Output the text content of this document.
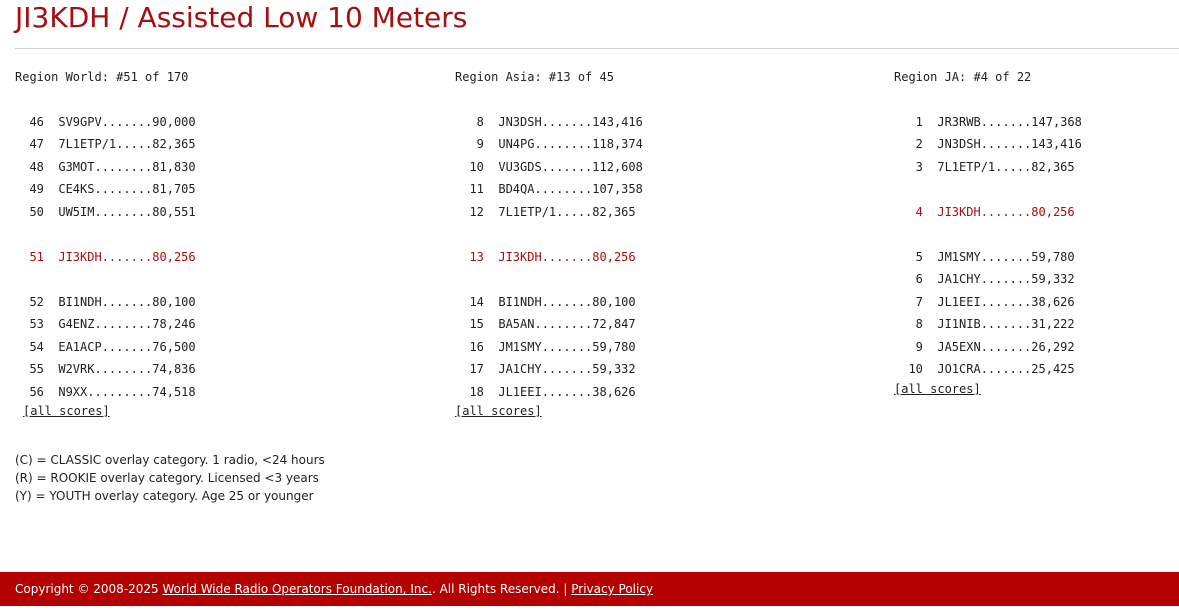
JI3KDH / Assisted Low 10 Meters
Region World: #51 of 170
46  SV9GPV.......90,000
47  7L1ETP/1.....82,365
48  G3MOT........81,830
49  CE4KS........81,705
50  UW5IM........80,551
51  JI3KDH.......80,256
52  BI1NDH.......80,100
53  G4ENZ........78,246
54  EA1ACP.......76,500
55  W2VRK........74,836
56  N9XX.........74,518
[all scores]
Region Asia: #13 of 45
8  JN3DSH.......143,416
9  UN4PG........118,374
10  VU3GDS.......112,608
11  BD4QA........107,358
12  7L1ETP/1.....82,365
13  JI3KDH.......80,256
14  BI1NDH.......80,100
15  BA5AN........72,847
16  JM1SMY.......59,780
17  JA1CHY.......59,332
18  JL1EEI.......38,626
[all scores]
Region JA: #4 of 22
1  JR3RWB.......147,368
2  JN3DSH.......143,416
3  7L1ETP/1.....82,365
4  JI3KDH.......80,256
5  JM1SMY.......59,780
6  JA1CHY.......59,332
7  JL1EEI.......38,626
8  JI1NIB.......31,222
9  JA5EXN.......26,292
10  JO1CRA.......25,425
[all scores]
(C) = CLASSIC overlay category. 1 radio, <24 hours
(R) = ROOKIE overlay category. Licensed <3 years
(Y) = YOUTH overlay category. Age 25 or younger
Copyright © 2008-2025 World Wide Radio Operators Foundation, Inc.. All Rights Reserved. | Privacy Policy
